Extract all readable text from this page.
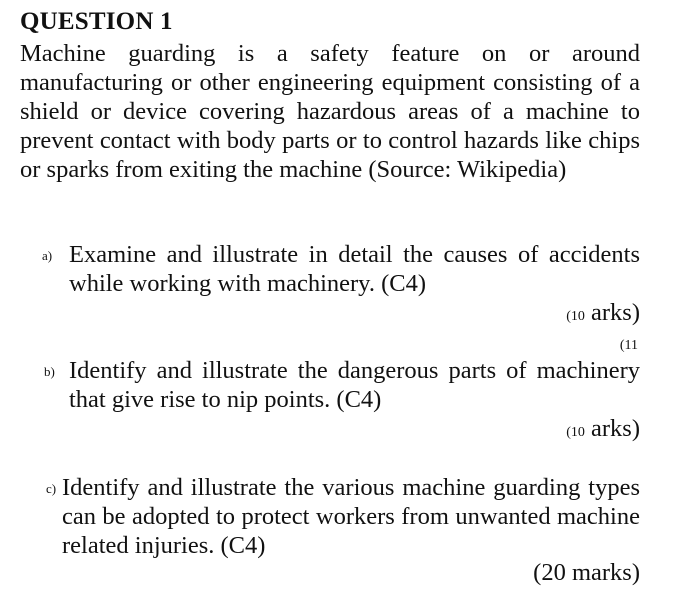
QUESTION 1

Machine guarding is a safety feature on or around manufacturing or other engineering equipment consisting of a shield or device covering hazardous areas of a machine to prevent contact with body parts or to control hazards like chips or sparks from exiting the machine (Source: Wikipedia)

a) Examine and illustrate in detail the causes of accidents while working with machinery. (C4)
(10 arks)
(11
b) Identify and illustrate the dangerous parts of machinery that give rise to nip points. (C4)
(10 arks)
c) Identify and illustrate the various machine guarding types can be adopted to protect workers from unwanted machine related injuries. (C4)
(20 marks)
